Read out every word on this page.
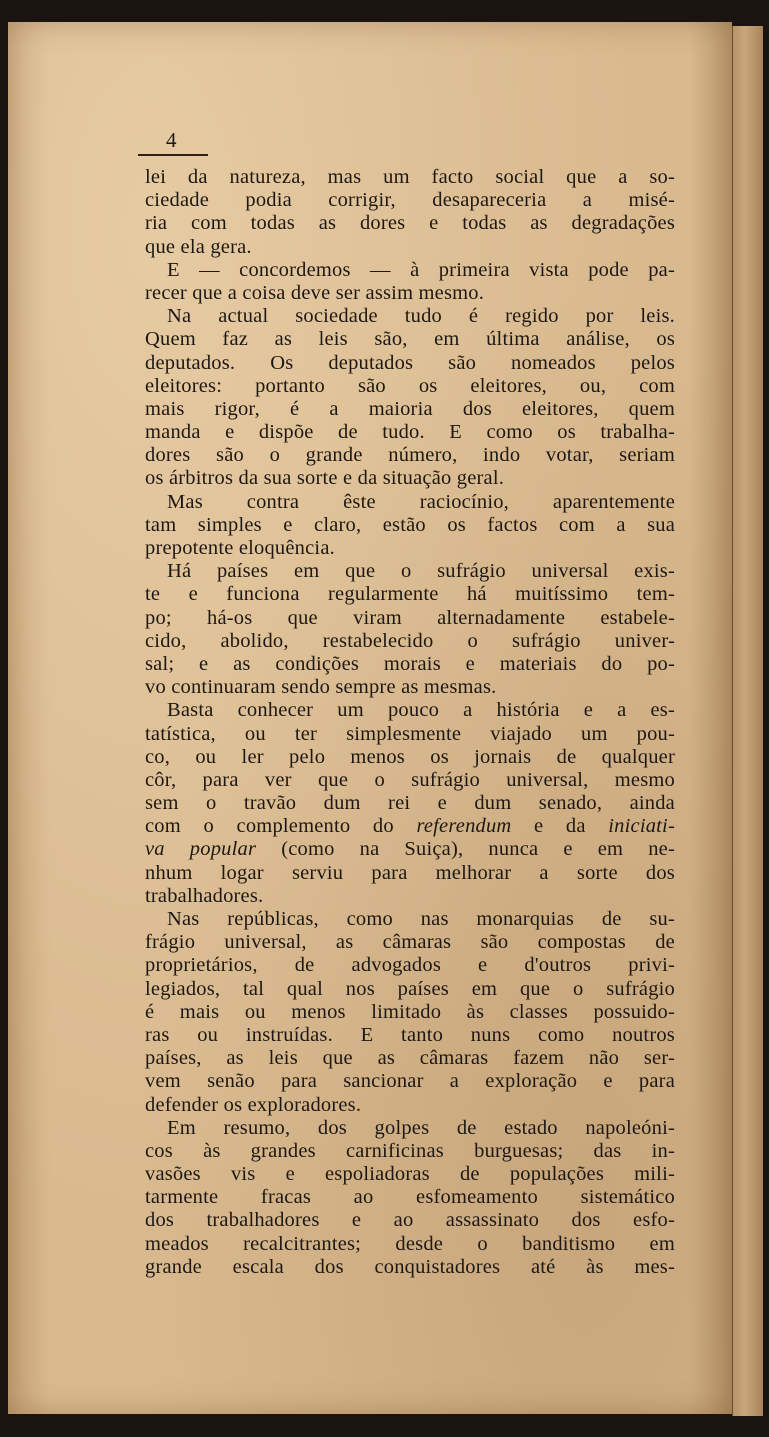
4
lei da natureza, mas um facto social que a so-
ciedade podia corrigir, desapareceria a misé-
ria com todas as dores e todas as degradações
que ela gera.
E — concordemos — à primeira vista pode pa-
recer que a coisa deve ser assim mesmo.
Na actual sociedade tudo é regido por leis.
Quem faz as leis são, em última análise, os
deputados. Os deputados são nomeados pelos
eleitores: portanto são os eleitores, ou, com
mais rigor, é a maioria dos eleitores, quem
manda e dispõe de tudo. E como os trabalha-
dores são o grande número, indo votar, seriam
os árbitros da sua sorte e da situação geral.
Mas contra êste raciocínio, aparentemente
tam simples e claro, estão os factos com a sua
prepotente eloquência.
Há países em que o sufrágio universal exis-
te e funciona regularmente há muitíssimo tem-
po; há-os que viram alternadamente estabele-
cido, abolido, restabelecido o sufrágio univer-
sal; e as condições morais e materiais do po-
vo continuaram sendo sempre as mesmas.
Basta conhecer um pouco a história e a es-
tatística, ou ter simplesmente viajado um pou-
co, ou ler pelo menos os jornais de qualquer
côr, para ver que o sufrágio universal, mesmo
sem o travão dum rei e dum senado, ainda
com o complemento do referendum e da iniciati-
va popular (como na Suiça), nunca e em ne-
nhum logar serviu para melhorar a sorte dos
trabalhadores.
Nas repúblicas, como nas monarquias de su-
frágio universal, as câmaras são compostas de
proprietários, de advogados e d'outros privi-
legiados, tal qual nos países em que o sufrágio
é mais ou menos limitado às classes possuido-
ras ou instruídas. E tanto nuns como noutros
países, as leis que as câmaras fazem não ser-
vem senão para sancionar a exploração e para
defender os exploradores.
Em resumo, dos golpes de estado napoleóni-
cos às grandes carnificinas burguesas; das in-
vasões vis e espoliadoras de populações mili-
tarmente fracas ao esfomeamento sistemático
dos trabalhadores e ao assassinato dos esfo-
meados recalcitrantes; desde o banditismo em
grande escala dos conquistadores até às mes-
